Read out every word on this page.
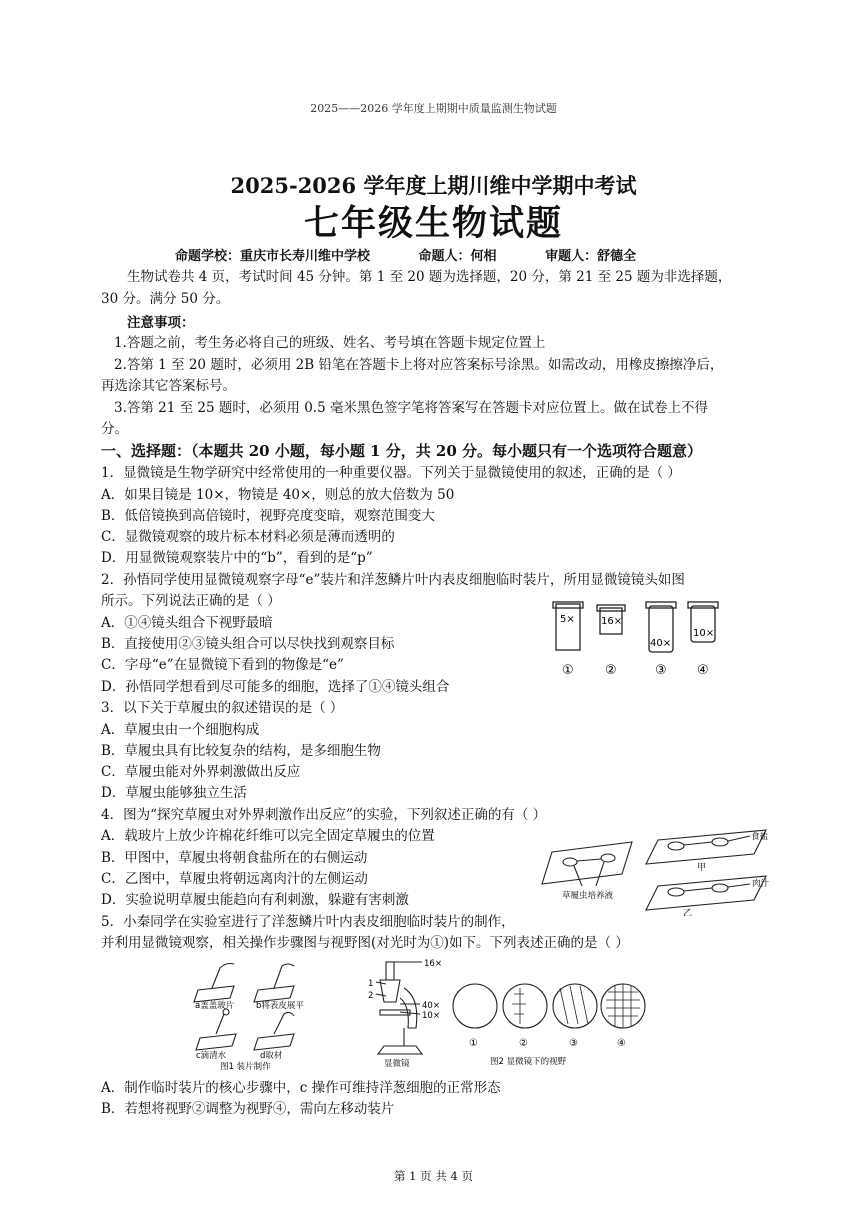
2025——2026 学年度上期期中质量监测生物试题
2025-2026 学年度上期川维中学期中考试
七年级生物试题
命题学校：重庆市长寿川维中学校	命题人：何相	审题人：舒德全
生物试卷共 4 页，考试时间 45 分钟。第 1 至 20 题为选择题，20 分，第 21 至 25 题为非选择题，
30 分。满分 50 分。
注意事项：
1.答题之前，考生务必将自己的班级、姓名、考号填在答题卡规定位置上
2.答第 1 至 20 题时，必须用 2B 铅笔在答题卡上将对应答案标号涂黑。如需改动，用橡皮擦擦净后，
再选涂其它答案标号。
3.答第 21 至 25 题时，必须用 0.5 毫米黑色签字笔将答案写在答题卡对应位置上。做在试卷上不得
分。
一、选择题：（本题共 20 小题，每小题 1 分，共 20 分。每小题只有一个选项符合题意）
1．显微镜是生物学研究中经常使用的一种重要仪器。下列关于显微镜使用的叙述，正确的是（ ）
A．如果目镜是 10×，物镜是 40×，则总的放大倍数为 50
B．低倍镜换到高倍镜时，视野亮度变暗，观察范围变大
C．显微镜观察的玻片标本材料必须是薄而透明的
D．用显微镜观察装片中的“b”，看到的是“p”
2．孙悟同学使用显微镜观察字母“e”装片和洋葱鳞片叶内表皮细胞临时装片，所用显微镜镜头如图
所示。下列说法正确的是（ ）
A．①④镜头组合下视野最暗
B．直接使用②③镜头组合可以尽快找到观察目标
C．字母“e”在显微镜下看到的物像是“e”
D．孙悟同学想看到尽可能多的细胞，选择了①④镜头组合
5×	16×
40×
10×
① ②	③ ④
3．以下关于草履虫的叙述错误的是（ ）
A．草履虫由一个细胞构成
B．草履虫具有比较复杂的结构，是多细胞生物
C．草履虫能对外界刺激做出反应
D．草履虫能够独立生活
4．图为“探究草履虫对外界刺激作出反应”的实验，下列叙述正确的有（ ）
A．载玻片上放少许棉花纤维可以完全固定草履虫的位置
B．甲图中，草履虫将朝食盐所在的右侧运动
C．乙图中，草履虫将朝远离肉汁的左侧运动
D．实验说明草履虫能趋向有利刺激，躲避有害刺激	草履虫培养液
食盐
肉汁
甲
乙
5．小秦同学在实验室进行了洋葱鳞片叶内表皮细胞临时装片的制作，
并利用显微镜观察，相关操作步骤图与视野图(对光时为①)如下。下列表述正确的是（ ）
a盖盖玻片	b将表皮展平
c滴清水	d取材
图1 装片制作
16×
1
2
40×
10×
显微镜
①	②	③	④
图2 显微镜下的视野
A．制作临时装片的核心步骤中，c 操作可维持洋葱细胞的正常形态
B．若想将视野②调整为视野④，需向左移动装片
第 1 页 共 4 页
